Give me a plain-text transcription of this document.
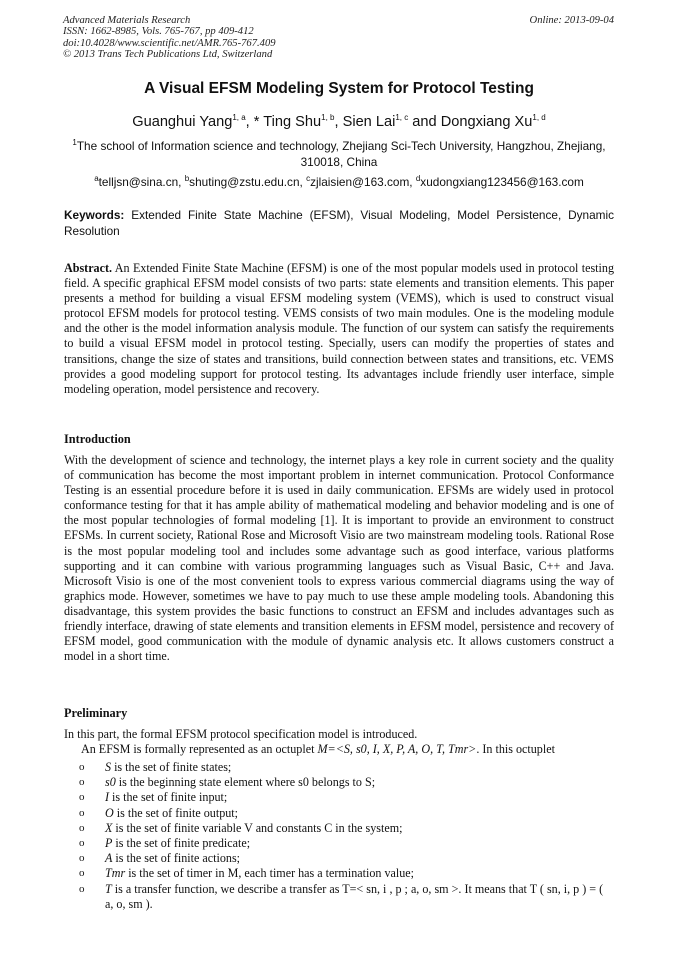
Advanced Materials Research
ISSN: 1662-8985, Vols. 765-767, pp 409-412
doi:10.4028/www.scientific.net/AMR.765-767.409
© 2013 Trans Tech Publications Ltd, Switzerland
Online: 2013-09-04
A Visual EFSM Modeling System for Protocol Testing
Guanghui Yang$^{1, a}$, * Ting Shu$^{1, b}$, Sien Lai$^{1, c}$ and Dongxiang Xu$^{1, d}$
$^1$The school of Information science and technology, Zhejiang Sci-Tech University, Hangzhou, Zhejiang, 310018, China
$^a$telljsn@sina.cn, $^b$shuting@zstu.edu.cn, $^c$zjlaisien@163.com, $^d$xudongxiang123456@163.com
Keywords: Extended Finite State Machine (EFSM), Visual Modeling, Model Persistence, Dynamic Resolution
Abstract. An Extended Finite State Machine (EFSM) is one of the most popular models used in protocol testing field. A specific graphical EFSM model consists of two parts: state elements and transition elements. This paper presents a method for building a visual EFSM modeling system (VEMS), which is used to construct visual protocol EFSM models for protocol testing. VEMS consists of two main modules. One is the modeling module and the other is the model information analysis module. The function of our system can satisfy the requirements to build a visual EFSM model in protocol testing. Specially, users can modify the properties of states and transitions, change the size of states and transitions, build connection between states and transitions, etc. VEMS provides a good modeling support for protocol testing. Its advantages include friendly user interface, simple modeling operation, model persistence and recovery.
Introduction
With the development of science and technology, the internet plays a key role in current society and the quality of communication has become the most important problem in internet communication. Protocol Conformance Testing is an essential procedure before it is used in daily communication. EFSMs are widely used in protocol conformance testing for that it has ample ability of mathematical modeling and behavior modeling and is one of the most popular technologies of formal modeling [1]. It is important to provide an environment to construct EFSMs. In current society, Rational Rose and Microsoft Visio are two mainstream modeling tools. Rational Rose is the most popular modeling tool and includes some advantage such as good interface, various platforms supporting and it can combine with various programming languages such as Visual Basic, C++ and Java. Microsoft Visio is one of the most convenient tools to express various commercial diagrams using the way of graphics mode. However, sometimes we have to pay much to use these ample modeling tools. Abandoning this disadvantage, this system provides the basic functions to construct an EFSM and includes advantages such as friendly interface, drawing of state elements and transition elements in EFSM model, persistence and recovery of EFSM model, good communication with the module of dynamic analysis etc. It allows customers construct a model in a short time.
Preliminary
In this part, the formal EFSM protocol specification model is introduced.
An EFSM is formally represented as an octuplet M=<S, s0, I, X, P, A, O, T, Tmr>. In this octuplet
o S is the set of finite states;
o s0 is the beginning state element where s0 belongs to S;
o I is the set of finite input;
o O is the set of finite output;
o X is the set of finite variable V and constants C in the system;
o P is the set of finite predicate;
o A is the set of finite actions;
o Tmr is the set of timer in M, each timer has a termination value;
o T is a transfer function, we describe a transfer as T=< sn, i , p ; a, o, sm >. It means that T ( sn, i, p ) = ( a, o, sm ).
